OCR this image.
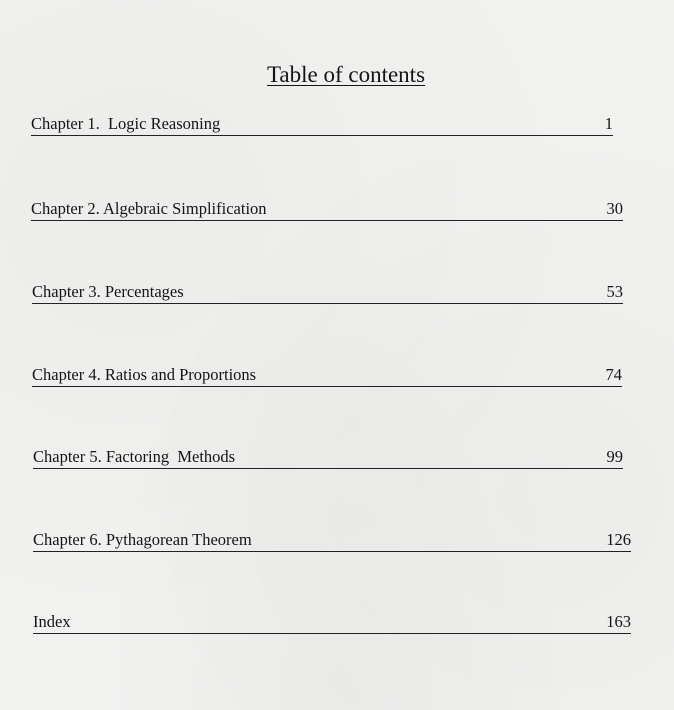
Table of contents
Chapter 1.  Logic Reasoning	1
Chapter 2. Algebraic Simplification	30
Chapter 3. Percentages	53
Chapter 4. Ratios and Proportions	74
Chapter 5. Factoring  Methods	99
Chapter 6. Pythagorean Theorem	126
Index	163
